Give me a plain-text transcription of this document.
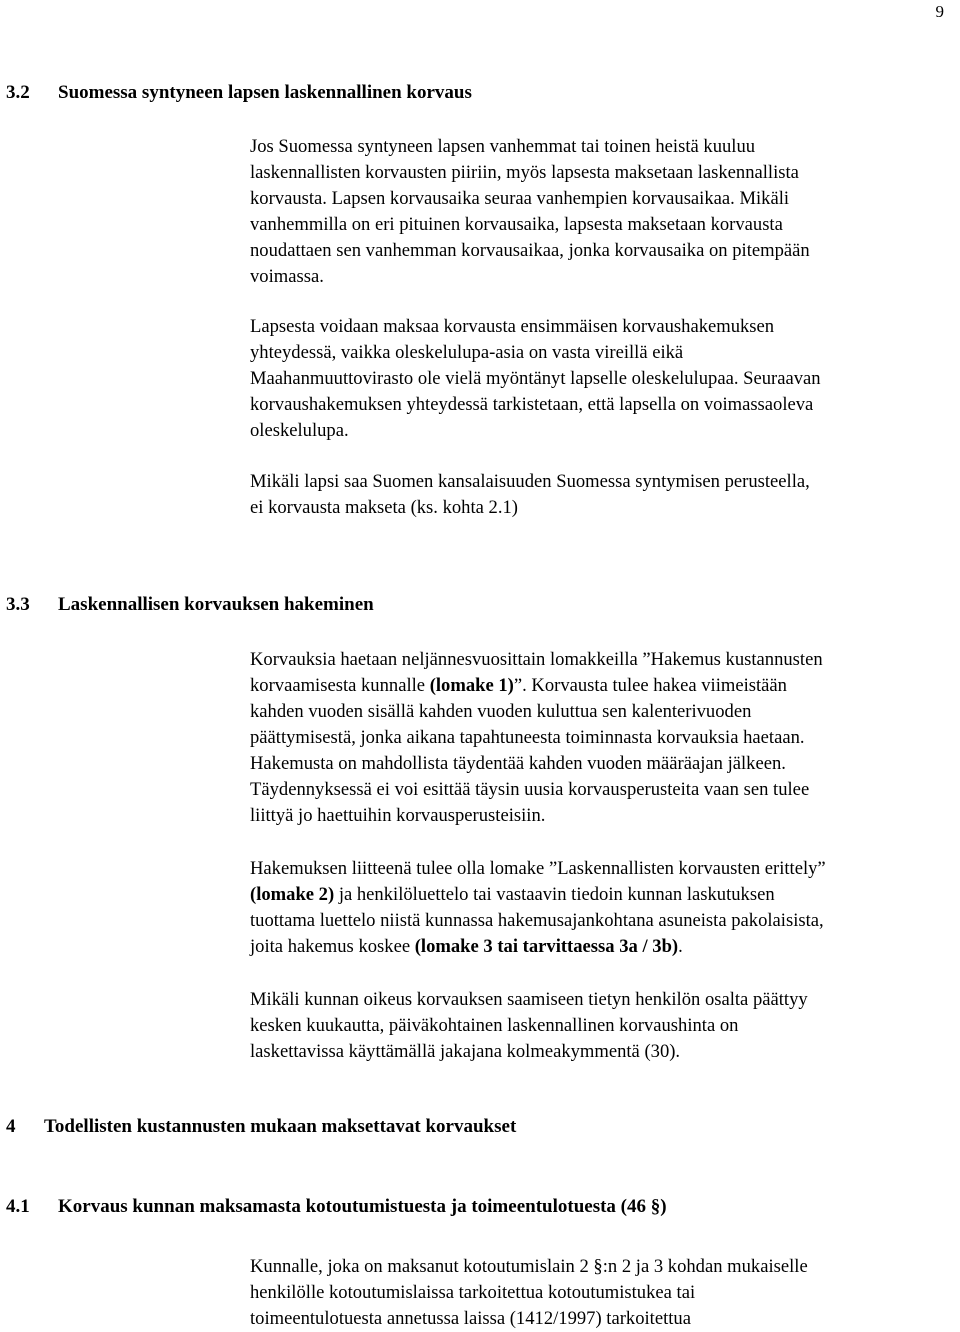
9
3.2 Suomessa syntyneen lapsen laskennallinen korvaus
Jos Suomessa syntyneen lapsen vanhemmat tai toinen heistä kuuluu
laskennallisten korvausten piiriin, myös lapsesta maksetaan laskennallista
korvausta. Lapsen korvausaika seuraa vanhempien korvausaikaa. Mikäli
vanhemmilla on eri pituinen korvausaika, lapsesta maksetaan korvausta
noudattaen sen vanhemman korvausaikaa, jonka korvausaika on pitempään
voimassa.
Lapsesta voidaan maksaa korvausta ensimmäisen korvaushakemuksen
yhteydessä, vaikka oleskelulupa-asia on vasta vireillä eikä
Maahanmuuttovirasto ole vielä myöntänyt lapselle oleskelulupaa. Seuraavan
korvaushakemuksen yhteydessä tarkistetaan, että lapsella on voimassaoleva
oleskelulupa.
Mikäli lapsi saa Suomen kansalaisuuden Suomessa syntymisen perusteella,
ei korvausta makseta (ks. kohta 2.1)
3.3 Laskennallisen korvauksen hakeminen
Korvauksia haetaan neljännesvuosittain lomakkeilla ”Hakemus kustannusten
korvaamisesta kunnalle (lomake 1)”. Korvausta tulee hakea viimeistään
kahden vuoden sisällä kahden vuoden kuluttua sen kalenterivuoden
päättymisestä, jonka aikana tapahtuneesta toiminnasta korvauksia haetaan.
Hakemusta on mahdollista täydentää kahden vuoden määräajan jälkeen.
Täydennyksessä ei voi esittää täysin uusia korvausperusteita vaan sen tulee
liittyä jo haettuihin korvausperusteisiin.
Hakemuksen liitteenä tulee olla lomake ”Laskennallisten korvausten erittely”
(lomake 2) ja henkilöluettelo tai vastaavin tiedoin kunnan laskutuksen
tuottama luettelo niistä kunnassa hakemusajankohtana asuneista pakolaisista,
joita hakemus koskee (lomake 3 tai tarvittaessa 3a / 3b).
Mikäli kunnan oikeus korvauksen saamiseen tietyn henkilön osalta päättyy
kesken kuukautta, päiväkohtainen laskennallinen korvaushinta on
laskettavissa käyttämällä jakajana kolmeakymmentä (30).
4 Todellisten kustannusten mukaan maksettavat korvaukset
4.1 Korvaus kunnan maksamasta kotoutumistuesta ja toimeentulotuesta (46 §)
Kunnalle, joka on maksanut kotoutumislain 2 §:n 2 ja 3 kohdan mukaiselle
henkilölle kotoutumislaissa tarkoitettua kotoutumistukea tai
toimeentulotuesta annetussa laissa (1412/1997) tarkoitettua
